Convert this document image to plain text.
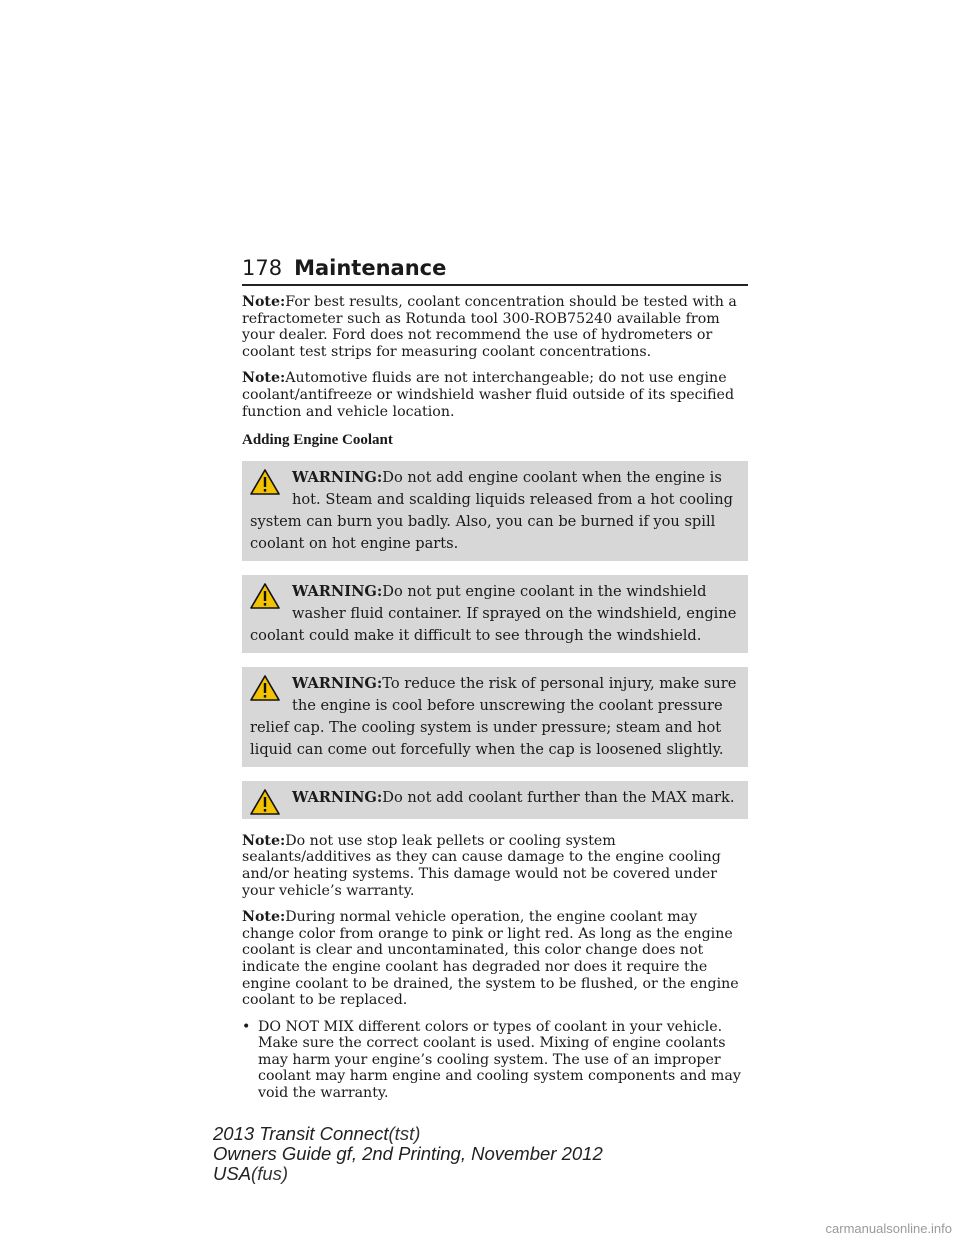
178 Maintenance

Note:For best results, coolant concentration should be tested with a refractometer such as Rotunda tool 300-ROB75240 available from your dealer. Ford does not recommend the use of hydrometers or coolant test strips for measuring coolant concentrations.

Note:Automotive fluids are not interchangeable; do not use engine coolant/antifreeze or windshield washer fluid outside of its specified function and vehicle location.

Adding Engine Coolant
WARNING:Do not add engine coolant when the engine is hot. Steam and scalding liquids released from a hot cooling system can burn you badly. Also, you can be burned if you spill coolant on hot engine parts.
WARNING:Do not put engine coolant in the windshield washer fluid container. If sprayed on the windshield, engine coolant could make it difficult to see through the windshield.
WARNING:To reduce the risk of personal injury, make sure the engine is cool before unscrewing the coolant pressure relief cap. The cooling system is under pressure; steam and hot liquid can come out forcefully when the cap is loosened slightly.
WARNING:Do not add coolant further than the MAX mark.

Note:Do not use stop leak pellets or cooling system sealants/additives as they can cause damage to the engine cooling and/or heating systems. This damage would not be covered under your vehicle’s warranty.

Note:During normal vehicle operation, the engine coolant may change color from orange to pink or light red. As long as the engine coolant is clear and uncontaminated, this color change does not indicate the engine coolant has degraded nor does it require the engine coolant to be drained, the system to be flushed, or the engine coolant to be replaced.

• DO NOT MIX different colors or types of coolant in your vehicle. Make sure the correct coolant is used. Mixing of engine coolants may harm your engine’s cooling system. The use of an improper coolant may harm engine and cooling system components and may void the warranty.
2013 Transit Connect(tst)
Owners Guide gf, 2nd Printing, November 2012
USA(fus)
carmanualsonline.info
